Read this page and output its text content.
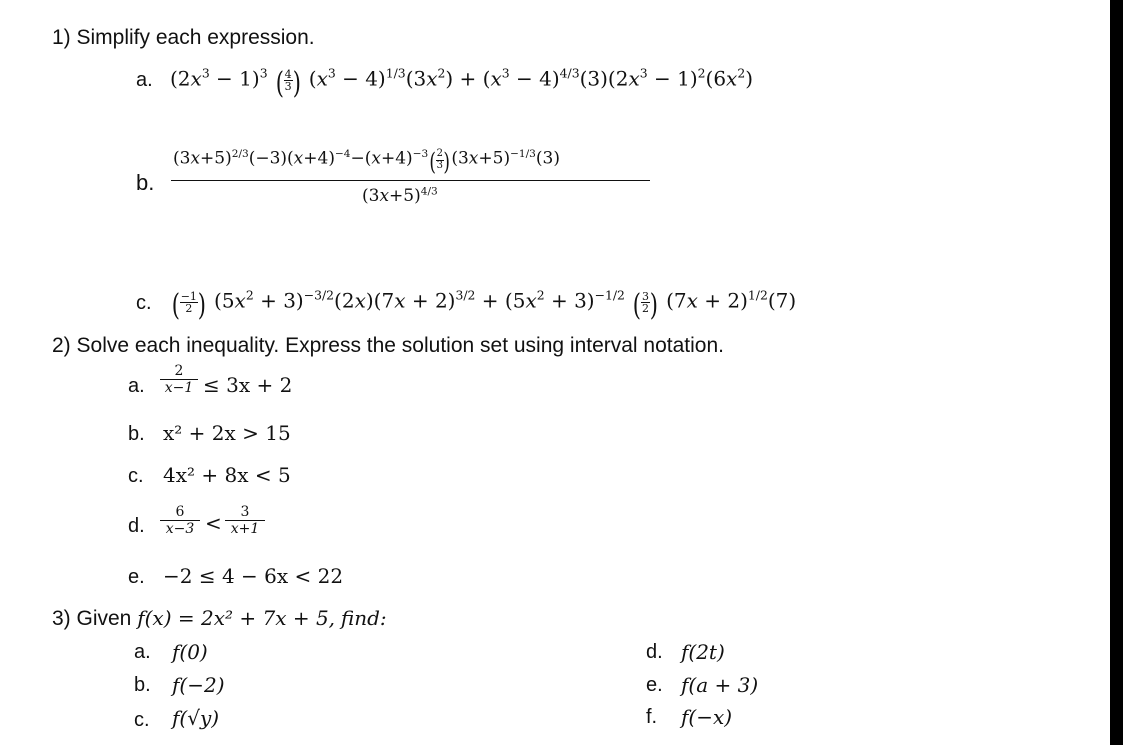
1) Simplify each expression.
a. $(2x^3 - 1)^3$ ( $\frac{4}{3}$ ) $(x^3 - 4)^{1/3}(3x^2) + (x^3 - 4)^{4/3}(3)(2x^3 - 1)^2(6x^2)$
b.
$(3x+5)^{2/3}(-3)(x+4)^{-4}-(x+4)^{-3}( \frac{2}{3} )(3x+5)^{-1/3}(3)$
$(3x+5)^{4/3}$
c. ( $\frac{-1}{2}$ ) $(5x^2 + 3)^{-3/2}(2x)(7x + 2)^{3/2} + (5x^2 + 3)^{-1/2}$ ( $\frac{3}{2}$ ) $(7x + 2)^{1/2}(7)$
2) Solve each inequality. Express the solution set using interval notation.
a. $\frac{2}{x-1} \le 3x + 2$
b. x² + 2x > 15
c. 4x² + 8x < 5
d. $\frac{6}{x-3} < \frac{3}{x+1}$
e. −2 ≤ 4 − 6x < 22
3) Given f(x) = 2x² + 7x + 5, find:
a. f(0)
b. f(−2)
c. f(√y)
d. f(2t)
e. f(a + 3)
f. f(−x)
